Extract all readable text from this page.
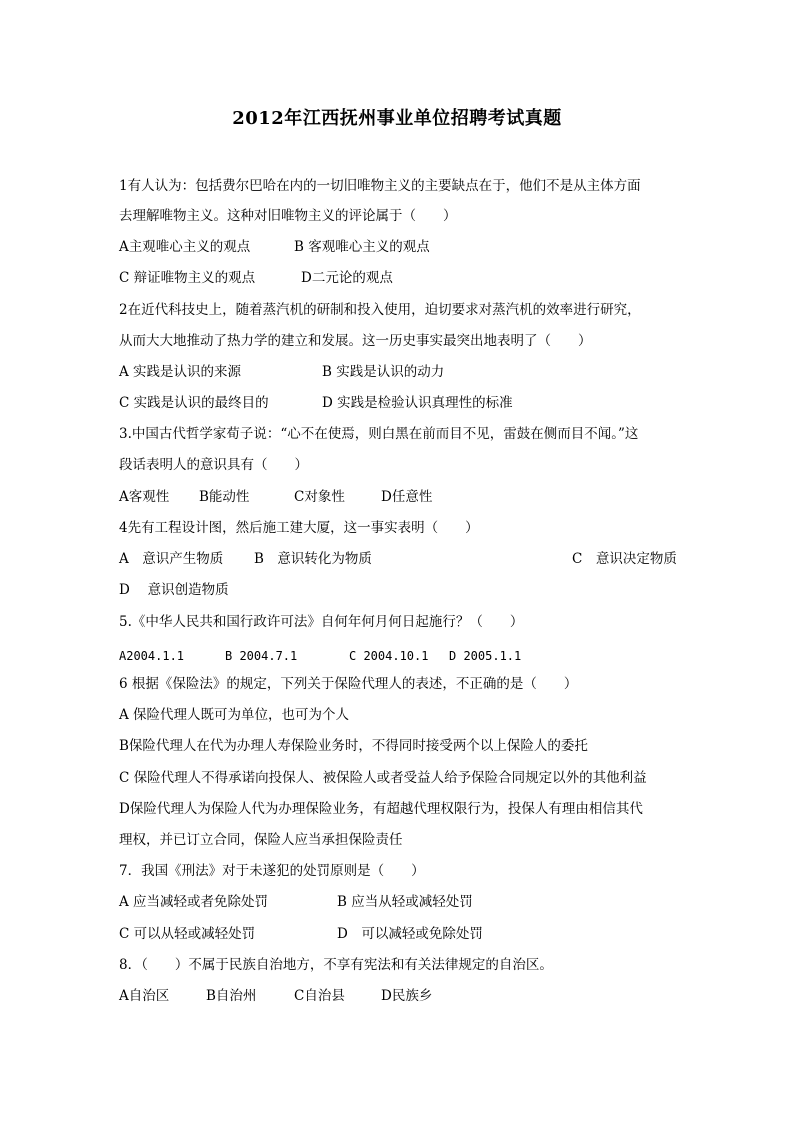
2012年江西抚州事业单位招聘考试真题
1有人认为：包括费尔巴哈在内的一切旧唯物主义的主要缺点在于，他们不是从主体方面
去理解唯物主义。这种对旧唯物主义的评论属于（　　）
A主观唯心主义的观点	B 客观唯心主义的观点
C 辩证唯物主义的观点	D二元论的观点
2在近代科技史上，随着蒸汽机的研制和投入使用，迫切要求对蒸汽机的效率进行研究，
从而大大地推动了热力学的建立和发展。这一历史事实最突出地表明了（　　）
A 实践是认识的来源	B 实践是认识的动力
C 实践是认识的最终目的	D 实践是检验认识真理性的标准
3.中国古代哲学家荀子说：“心不在使焉，则白黑在前而目不见，雷鼓在侧而目不闻。”这
段话表明人的意识具有（　　）
A客观性 B能动性	C对象性	D任意性
4先有工程设计图，然后施工建大厦，这一事实表明（　　）
A　意识产生物质 B　意识转化为物质	C　意识决定物质
D　 意识创造物质
5.《中华人民共和国行政许可法》自何年何月何日起施行？（　　）
A2004.1.1	B 2004.7.1	C 2004.10.1 D 2005.1.1
6 根据《保险法》的规定，下列关于保险代理人的表述，不正确的是（　　）
A 保险代理人既可为单位，也可为个人
B保险代理人在代为办理人寿保险业务时，不得同时接受两个以上保险人的委托
C 保险代理人不得承诺向投保人、被保险人或者受益人给予保险合同规定以外的其他利益
D保险代理人为保险人代为办理保险业务，有超越代理权限行为，投保人有理由相信其代
理权，并已订立合同，保险人应当承担保险责任
7．我国《刑法》对于未遂犯的处罚原则是（　　）
A 应当减轻或者免除处罚	B 应当从轻或减轻处罚
C 可以从轻或减轻处罚	D　可以减轻或免除处罚
8．（　　）不属于民族自治地方，不享有宪法和有关法律规定的自治区。
A自治区	B自治州	C自治县	D民族乡
